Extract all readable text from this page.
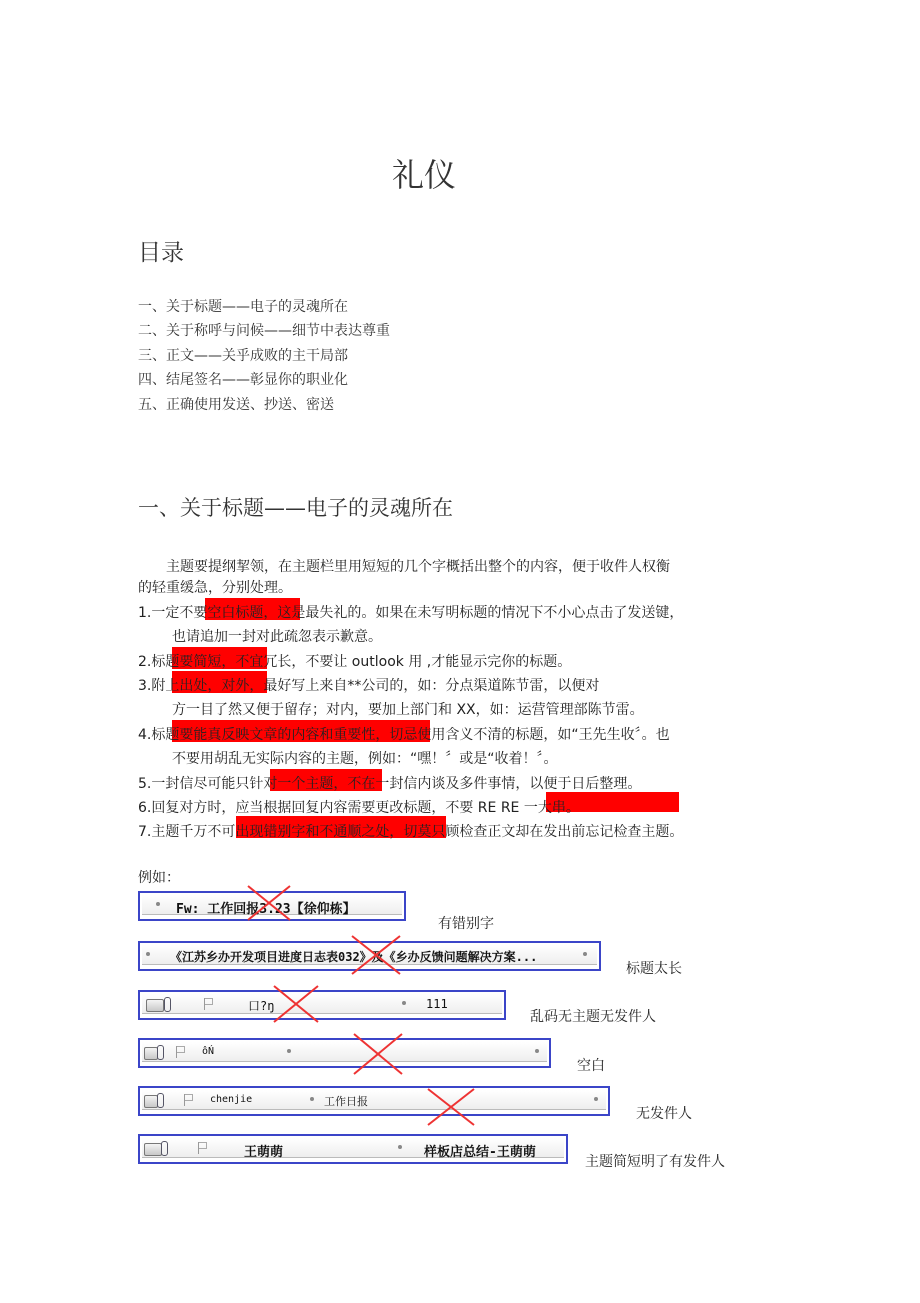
礼仪
目录
一、关于标题——电子的灵魂所在
二、关于称呼与问候——细节中表达尊重
三、正文——关乎成败的主干局部
四、结尾签名——彰显你的职业化
五、正确使用发送、抄送、密送
一、关于标题——电子的灵魂所在
主题要提纲挈领，在主题栏里用短短的几个字概括出整个的内容，便于收件人权衡
的轻重缓急，分别处理。
1.一定不要空白标题，这是最失礼的。如果在未写明标题的情况下不小心点击了发送键，
也请追加一封对此疏忽表示歉意。
2.标题要简短，不宜冗长，不要让 outlook 用 ,才能显示完你的标题。
3.附上出处，对外，最好写上来自**公司的，如：分点渠道陈节雷，以便对
方一目了然又便于留存；对内，要加上部门和 XX，如：运营管理部陈节雷。
4.标题要能真反映文章的内容和重要性，切忌使用含义不清的标题，如“王先生收〞。也
不要用胡乱无实际内容的主题，例如：“嘿！〞或是“收着！〞。
5.一封信尽可能只针对一个主题，不在一封信内谈及多件事情，以便于日后整理。
6.回复对方时，应当根据回复内容需要更改标题，不要 RE RE 一大串。
7.主题千万不可出现错别字和不通顺之处，切莫只顾检查正文却在发出前忘记检查主题。
例如：
Fw: 工作回报3.23【徐仰栋】
有错别字
《江苏乡办开发项目进度日志表032》及《乡办反馈问题解决方案...
标题太长
口?ŋ	111
乱码无主题无发件人
ôŃ
空白
chenjie	工作日报
无发件人
王萌萌	样板店总结-王萌萌
主题简短明了有发件人
